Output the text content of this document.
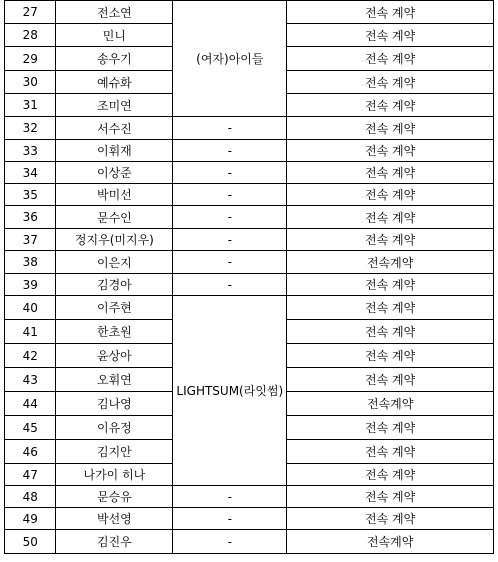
27	전소연	(여자)아이들	전속 계약
28	민니		전속 계약
29	송우기		전속 계약
30	예슈화		전속 계약
31	조미연		전속 계약
32	서수진	-	전속 계약
33	이휘재	-	전속 계약
34	이상준	-	전속 계약
35	박미선	-	전속 계약
36	문수인	-	전속 계약
37	정지우(미지우)	-	전속 계약
38	이은지	-	전속계약
39	김경아	-	전속 계약
40	이주현	LIGHTSUM(라잇썸)	전속 계약
41	한초원		전속 계약
42	윤상아		전속 계약
43	오휘연		전속 계약
44	김나영		전속계약
45	이유정		전속 계약
46	김지안		전속 계약
47	나가이 히나		전속 계약
48	문승유	-	전속 계약
49	박선영	-	전속 계약
50	김진우	-	전속계약
